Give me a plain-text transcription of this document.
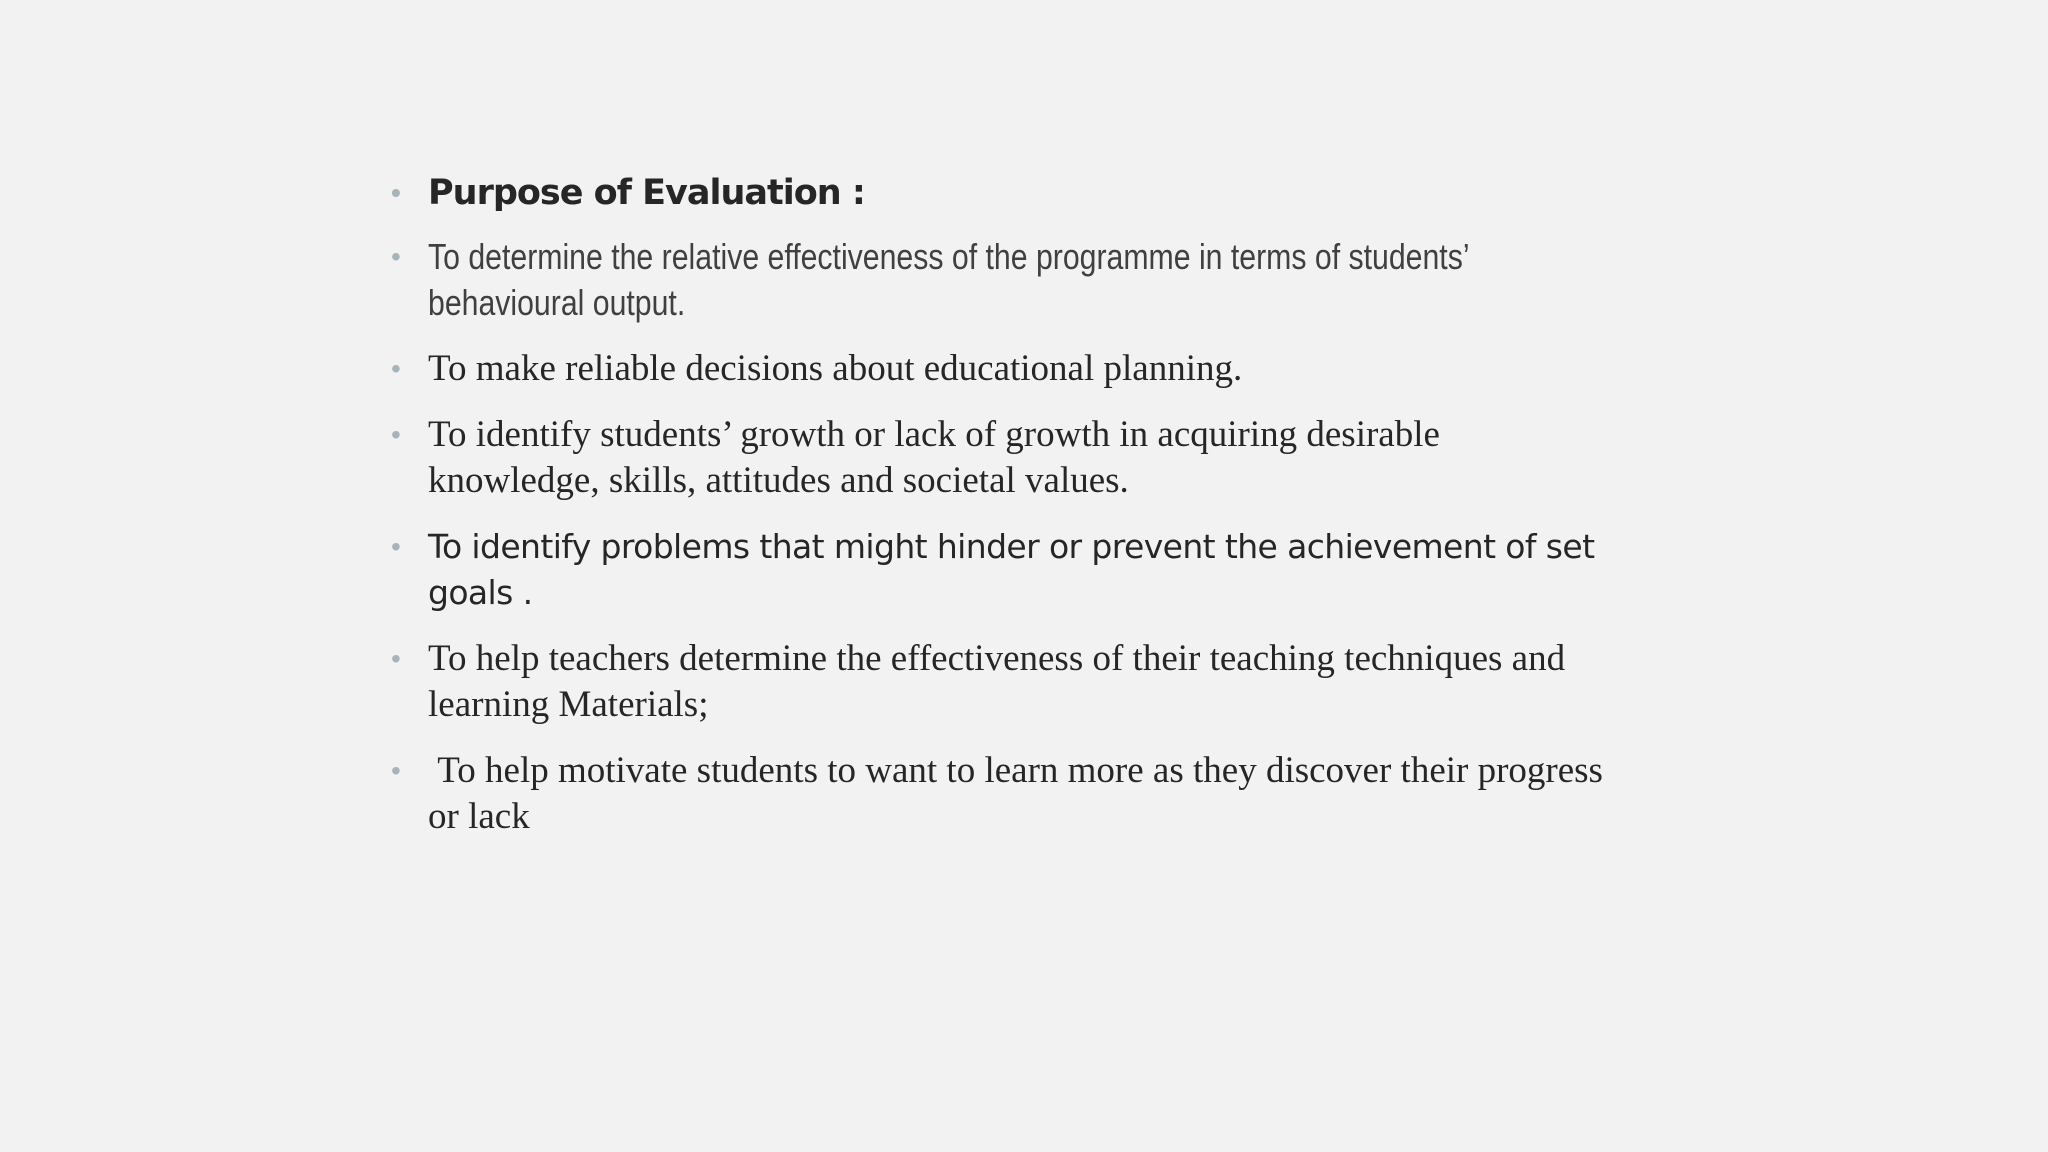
• Purpose of Evaluation :
• To determine the relative effectiveness of the programme in terms of students’
behavioural output.
• To make reliable decisions about educational planning.
• To identify students’ growth or lack of growth in acquiring desirable
knowledge, skills, attitudes and societal values.
• To identify problems that might hinder or prevent the achievement of set
goals .
• To help teachers determine the effectiveness of their teaching techniques and
learning Materials;
• To help motivate students to want to learn more as they discover their progress
or lack
